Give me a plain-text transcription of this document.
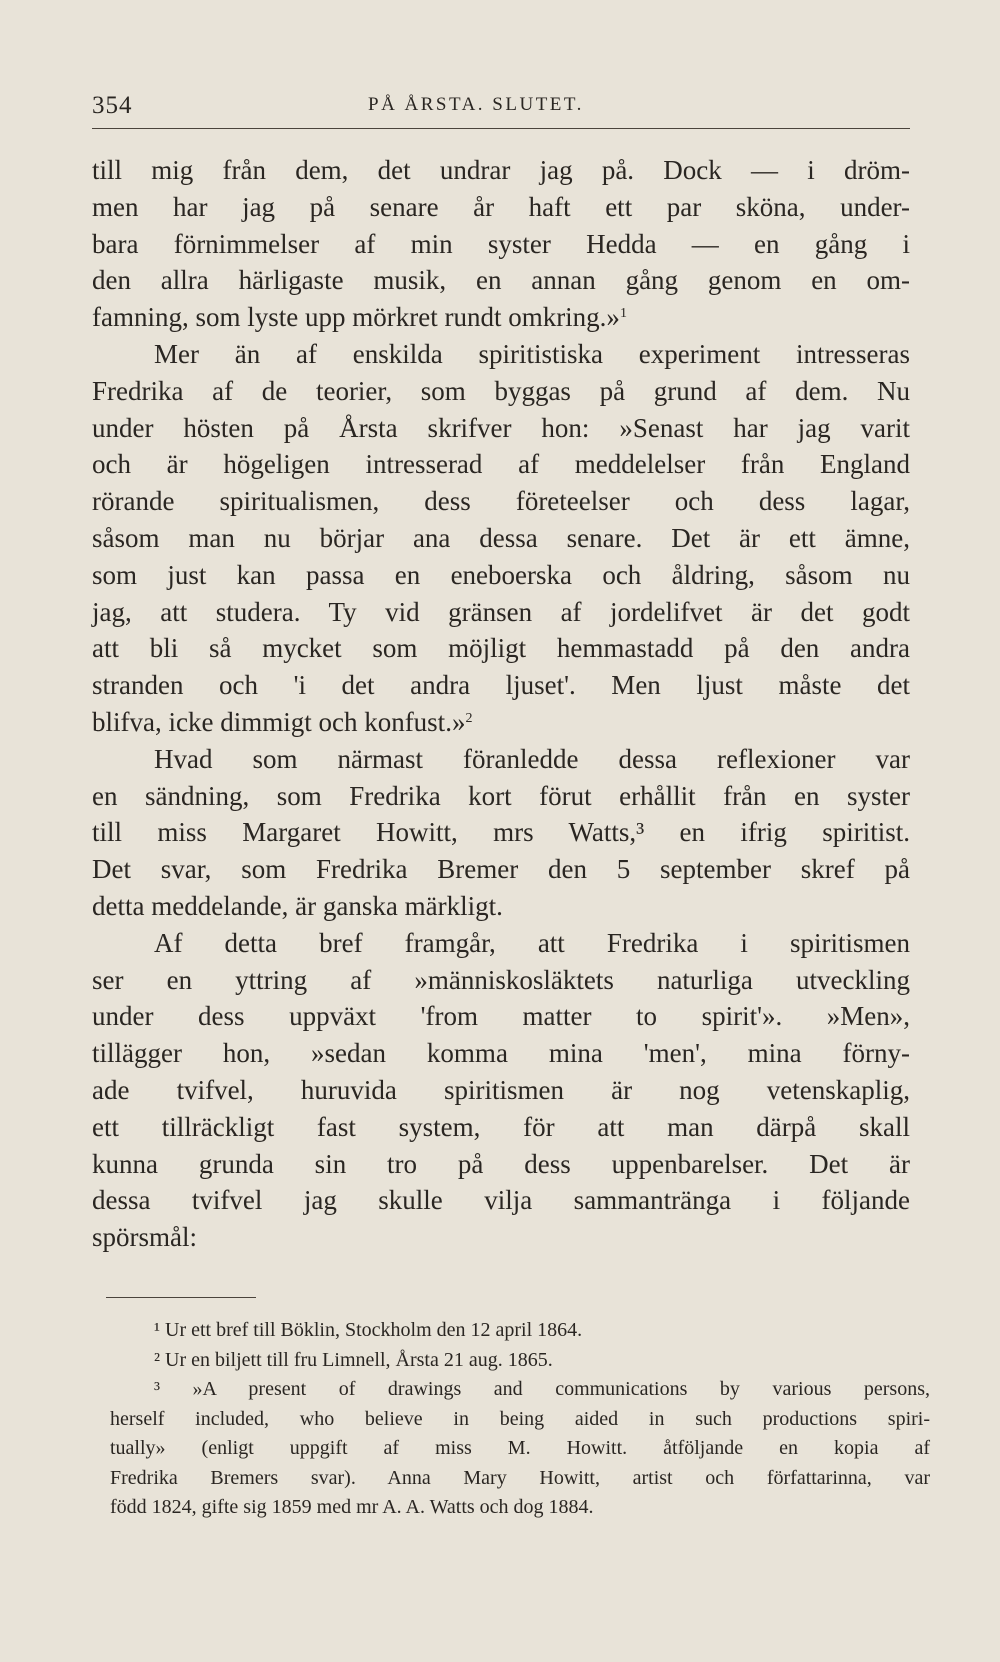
354	PÅ ÅRSTA. SLUTET.
till mig från dem, det undrar jag på. Dock — i dröm-
men har jag på senare år haft ett par sköna, under-
bara förnimmelser af min syster Hedda — en gång i
den allra härligaste musik, en annan gång genom en om-
famning, som lyste upp mörkret rundt omkring.»$^1$
Mer än af enskilda spiritistiska experiment intresseras
Fredrika af de teorier, som byggas på grund af dem. Nu
under hösten på Årsta skrifver hon: »Senast har jag varit
och är högeligen intresserad af meddelelser från England
rörande spiritualismen, dess företeelser och dess lagar,
såsom man nu börjar ana dessa senare. Det är ett ämne,
som just kan passa en eneboerska och åldring, såsom nu
jag, att studera. Ty vid gränsen af jordelifvet är det godt
att bli så mycket som möjligt hemmastadd på den andra
stranden och 'i det andra ljuset'. Men ljust måste det
blifva, icke dimmigt och konfust.»$^2$
Hvad som närmast föranledde dessa reflexioner var
en sändning, som Fredrika kort förut erhållit från en syster
till miss Margaret Howitt, mrs Watts,³ en ifrig spiritist.
Det svar, som Fredrika Bremer den 5 september skref på
detta meddelande, är ganska märkligt.
Af detta bref framgår, att Fredrika i spiritismen
ser en yttring af »människosläktets naturliga utveckling
under dess uppväxt 'from matter to spirit'». »Men»,
tillägger hon, »sedan komma mina 'men', mina förny-
ade tvifvel, huruvida spiritismen är nog vetenskaplig,
ett tillräckligt fast system, för att man därpå skall
kunna grunda sin tro på dess uppenbarelser. Det är
dessa tvifvel jag skulle vilja sammantränga i följande
spörsmål:
¹ Ur ett bref till Böklin, Stockholm den 12 april 1864.
² Ur en biljett till fru Limnell, Årsta 21 aug. 1865.
³ »A present of drawings and communications by various persons,
herself included, who believe in being aided in such productions spiri-
tually» (enligt uppgift af miss M. Howitt. åtföljande en kopia af
Fredrika Bremers svar). Anna Mary Howitt, artist och författarinna, var
född 1824, gifte sig 1859 med mr A. A. Watts och dog 1884.
